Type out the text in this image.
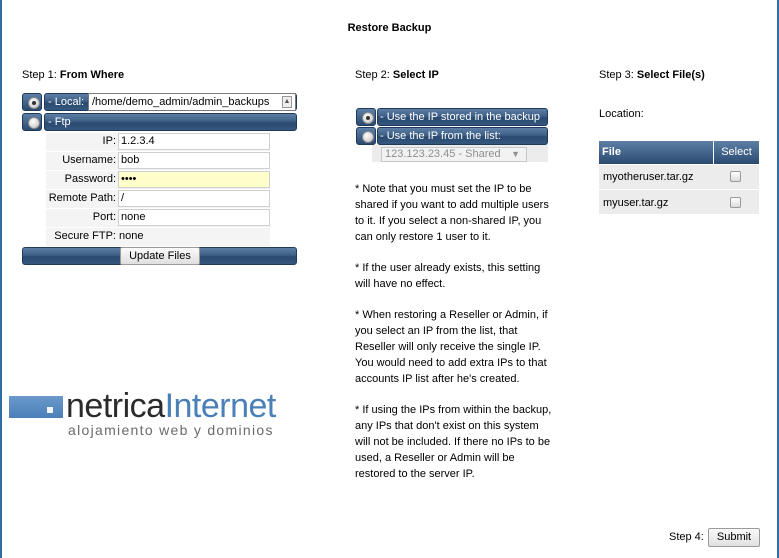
Restore Backup
Step 1: From Where
- Local: /home/demo_admin/admin_backups ▲
- Ftp
IP: 1.2.3.4
Username: bob
Password: ••••
Remote Path: /
Port: none
Secure FTP: none
Update Files
netricaInternet
alojamiento web y dominios
Step 2: Select IP
- Use the IP stored in the backup
- Use the IP from the list:
123.123.23.45 - Shared ▼

* Note that you must set the IP to be shared if you want to add multiple users to it. If you select a non-shared IP, you can only restore 1 user to it.

* If the user already exists, this setting will have no effect.

* When restoring a Reseller or Admin, if you select an IP from the list, that Reseller will only receive the single IP. You would need to add extra IPs to that accounts IP list after he's created.

* If using the IPs from within the backup, any IPs that don't exist on this system will not be included. If there no IPs to be used, a Reseller or Admin will be restored to the server IP.

Step 3: Select File(s)
Location:
File	Select
myotheruser.tar.gz
myuser.tar.gz
Step 4:	Submit
